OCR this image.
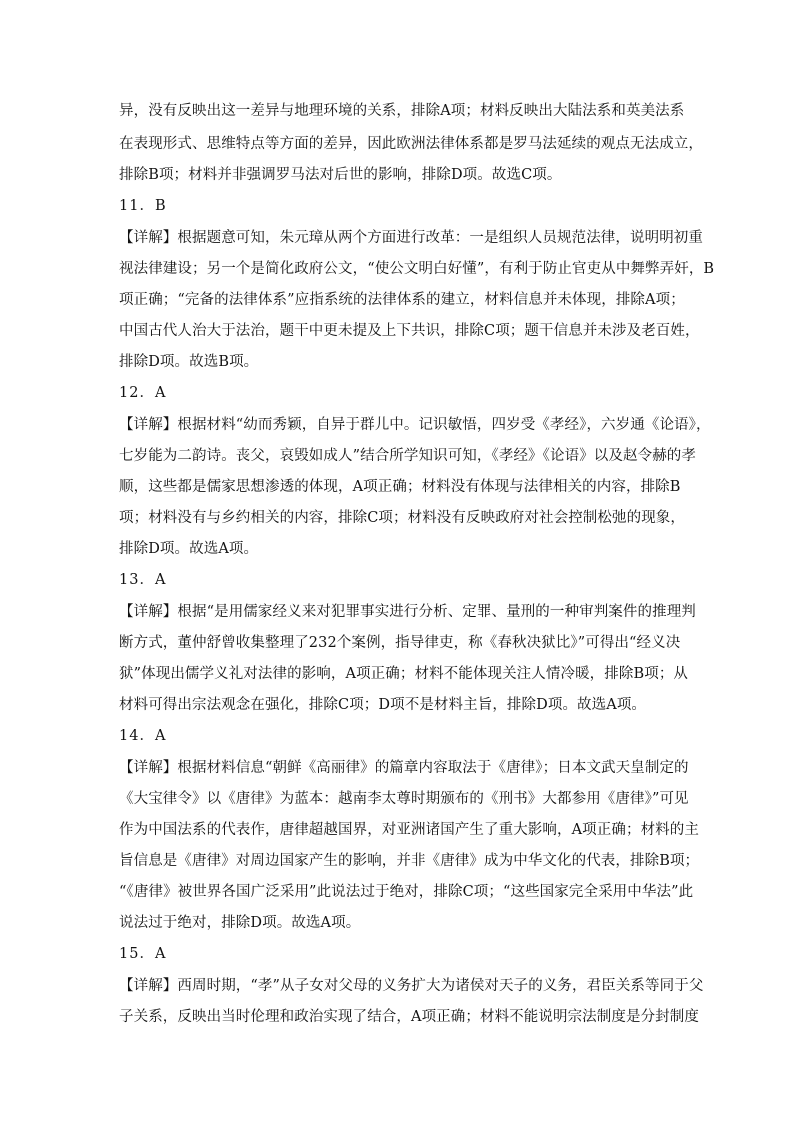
异，没有反映出这一差异与地理环境的关系，排除A项；材料反映出大陆法系和英美法系
在表现形式、思维特点等方面的差异，因此欧洲法律体系都是罗马法延续的观点无法成立，
排除B项；材料并非强调罗马法对后世的影响，排除D项。故选C项。
11．B
【详解】根据题意可知，朱元璋从两个方面进行改革：一是组织人员规范法律，说明明初重
视法律建设；另一个是简化政府公文，“使公文明白好懂”，有利于防止官吏从中舞弊弄奸，B
项正确；“完备的法律体系”应指系统的法律体系的建立，材料信息并未体现，排除A项；
中国古代人治大于法治，题干中更未提及上下共识，排除C项；题干信息并未涉及老百姓，
排除D项。故选B项。
12．A
【详解】根据材料“幼而秀颖，自异于群儿中。记识敏悟，四岁受《孝经》，六岁通《论语》，
七岁能为二韵诗。丧父，哀毁如成人”结合所学知识可知，《孝经》《论语》以及赵令赫的孝
顺，这些都是儒家思想渗透的体现，A项正确；材料没有体现与法律相关的内容，排除B
项；材料没有与乡约相关的内容，排除C项；材料没有反映政府对社会控制松弛的现象，
排除D项。故选A项。
13．A
【详解】根据“是用儒家经义来对犯罪事实进行分析、定罪、量刑的一种审判案件的推理判
断方式，董仲舒曾收集整理了232个案例，指导律吏，称《春秋决狱比》”可得出“经义决
狱”体现出儒学义礼对法律的影响，A项正确；材料不能体现关注人情冷暖，排除B项；从
材料可得出宗法观念在强化，排除C项；D项不是材料主旨，排除D项。故选A项。
14．A
【详解】根据材料信息“朝鲜《高丽律》的篇章内容取法于《唐律》；日本文武天皇制定的
《大宝律令》以《唐律》为蓝本：越南李太尊时期颁布的《刑书》大都参用《唐律》”可见
作为中国法系的代表作，唐律超越国界，对亚洲诸国产生了重大影响，A项正确；材料的主
旨信息是《唐律》对周边国家产生的影响，并非《唐律》成为中华文化的代表，排除B项；
“《唐律》被世界各国广泛采用”此说法过于绝对，排除C项；“这些国家完全采用中华法”此
说法过于绝对，排除D项。故选A项。
15．A
【详解】西周时期，“孝”从子女对父母的义务扩大为诸侯对天子的义务，君臣关系等同于父
子关系，反映出当时伦理和政治实现了结合，A项正确；材料不能说明宗法制度是分封制度
